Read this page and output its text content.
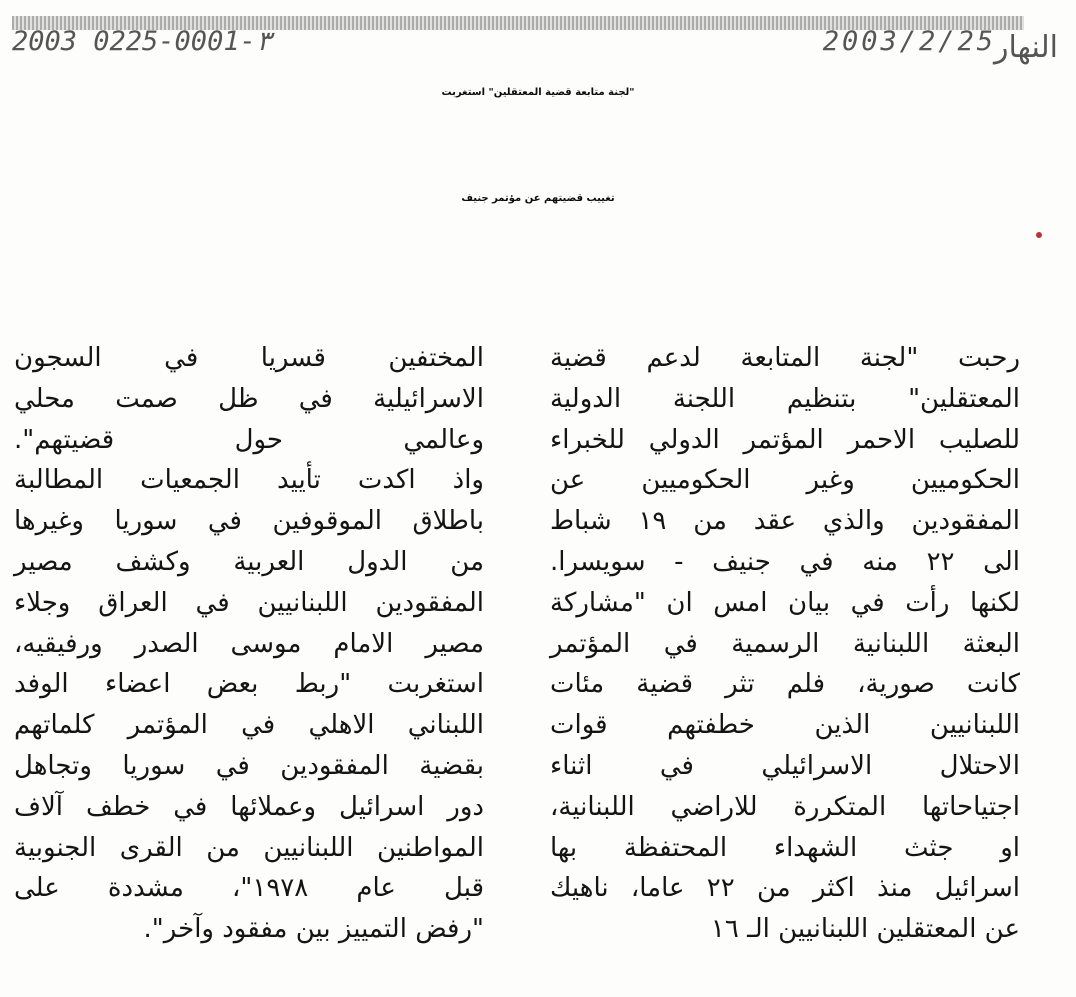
2003 0225-0001-٣	2003/2/25
النهار
"لجنة متابعة قضية المعتقلين" استغربت
تغييب قضيتهم عن مؤتمر جنيف
رحبت "لجنة المتابعة لدعم قضية
المعتقلين" بتنظيم اللجنة الدولية
للصليب الاحمر المؤتمر الدولي للخبراء
الحكوميين وغير الحكوميين عن
المفقودين والذي عقد من ١٩ شباط
الى ٢٢ منه في جنيف - سويسرا.
لكنها رأت في بيان امس ان "مشاركة
البعثة اللبنانية الرسمية في المؤتمر
كانت صورية، فلم تثر قضية مئات
اللبنانيين الذين خطفتهم قوات
الاحتلال الاسرائيلي في اثناء
اجتياحاتها المتكررة للاراضي اللبنانية،
او جثث الشهداء المحتفظة بها
اسرائيل منذ اكثر من ٢٢ عاما، ناهيك
عن المعتقلين اللبنانيين الـ ١٦
المختفين قسريا في السجون
الاسرائيلية في ظل صمت محلي
وعالمي حول قضيتهم".
واذ اكدت تأييد الجمعيات المطالبة
باطلاق الموقوفين في سوريا وغيرها
من الدول العربية وكشف مصير
المفقودين اللبنانيين في العراق وجلاء
مصير الامام موسى الصدر ورفيقيه،
استغربت "ربط بعض اعضاء الوفد
اللبناني الاهلي في المؤتمر كلماتهم
بقضية المفقودين في سوريا وتجاهل
دور اسرائيل وعملائها في خطف آلاف
المواطنين اللبنانيين من القرى الجنوبية
قبل عام ١٩٧٨"، مشددة على
"رفض التمييز بين مفقود وآخر".
